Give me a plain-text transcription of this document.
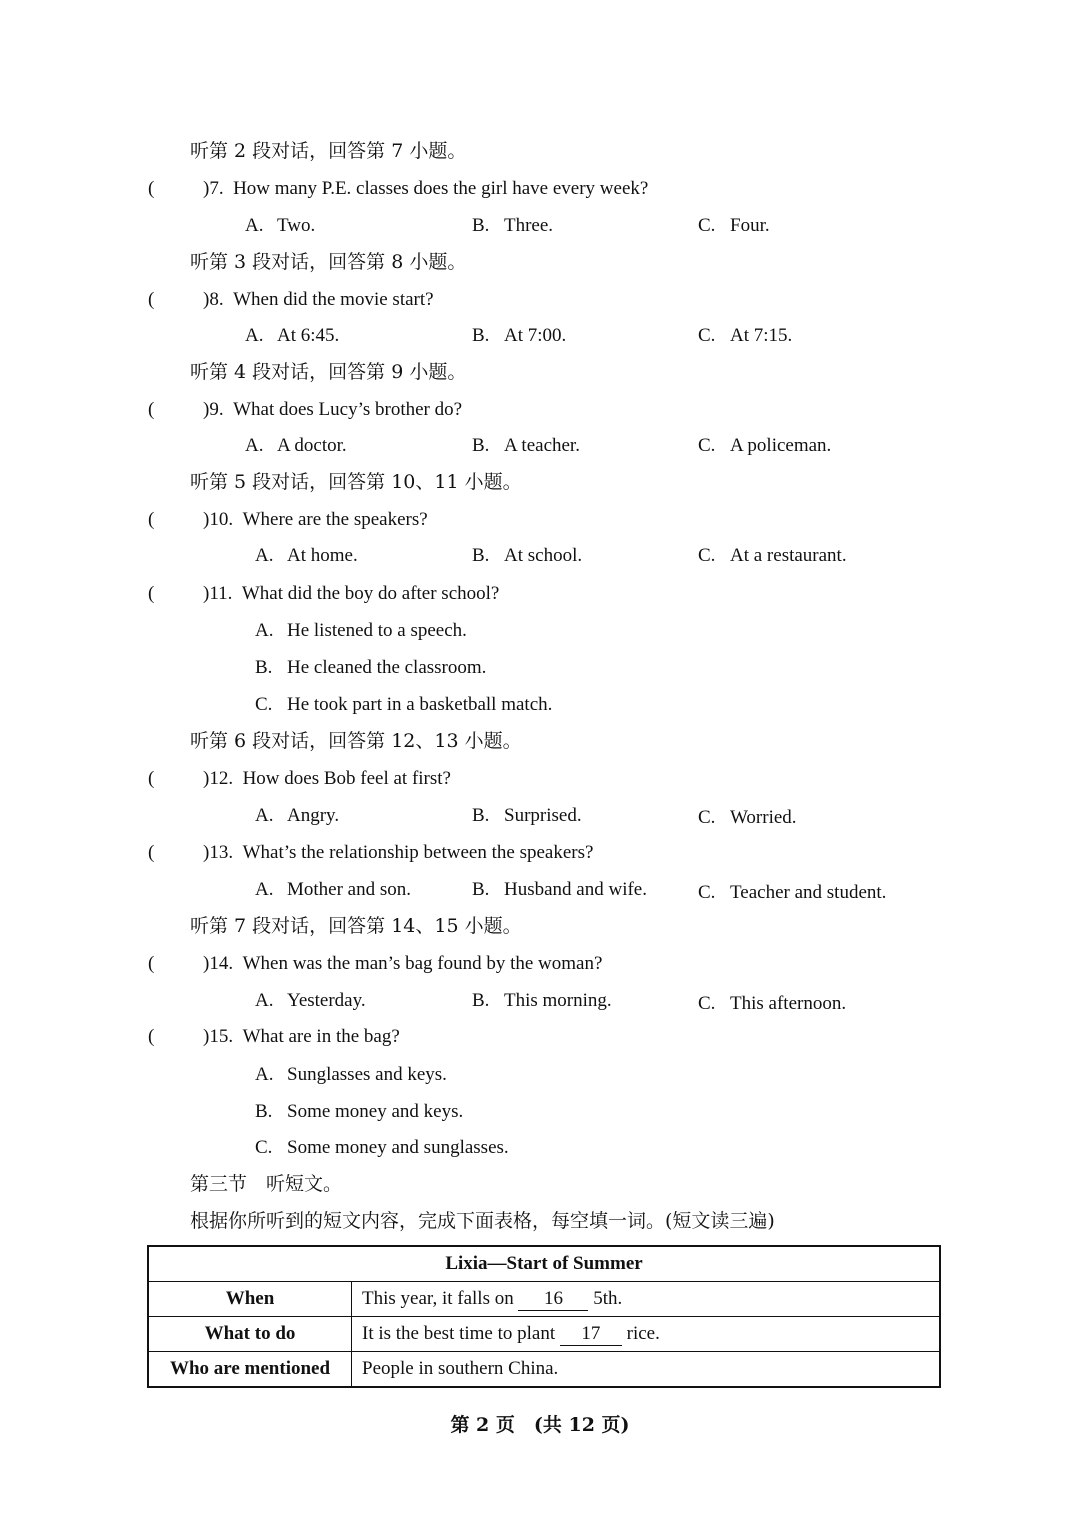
听第 2 段对话，回答第 7 小题。
(	)7. How many P.E. classes does the girl have every week?
A. Two.	B. Three.	C. Four.
听第 3 段对话，回答第 8 小题。
(	)8. When did the movie start?
A. At 6:45.	B. At 7:00.	C. At 7:15.
听第 4 段对话，回答第 9 小题。
(	)9. What does Lucy’s brother do?
A. A doctor.	B. A teacher.	C. A policeman.
听第 5 段对话，回答第 10、11 小题。
(	)10. Where are the speakers?
A. At home.	B. At school.	C. At a restaurant.
(	)11. What did the boy do after school?
A. He listened to a speech.
B. He cleaned the classroom.
C. He took part in a basketball match.
听第 6 段对话，回答第 12、13 小题。
(	)12. How does Bob feel at first?
A. Angry.	B. Surprised.	C. Worried.
(	)13. What’s the relationship between the speakers?
A. Mother and son.	B. Husband and wife.	C. Teacher and student.
听第 7 段对话，回答第 14、15 小题。
(	)14. When was the man’s bag found by the woman?
A. Yesterday.	B. This morning.	C. This afternoon.
(	)15. What are in the bag?
A. Sunglasses and keys.
B. Some money and keys.
C. Some money and sunglasses.
第三节　听短文。
根据你所听到的短文内容，完成下面表格，每空填一词。(短文读三遍)
Lixia—Start of Summer	
When	This year, it falls on 16 5th.
What to do	It is the best time to plant 17 rice.
Who are mentioned	People in southern China.
第 2 页　(共 12 页)
